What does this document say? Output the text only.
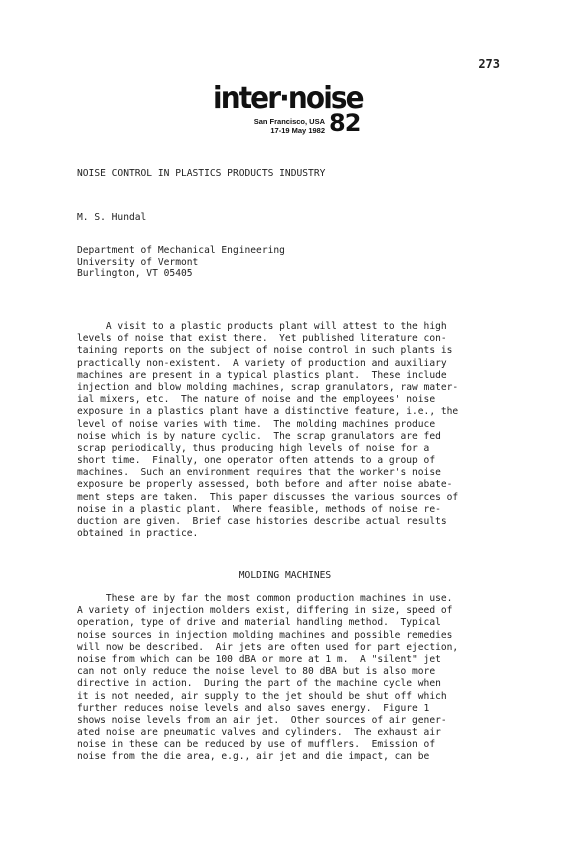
273
inter·noise
San Francisco, USA
17-19 May 1982 82
NOISE CONTROL IN PLASTICS PRODUCTS INDUSTRY
M. S. Hundal
Department of Mechanical Engineering
University of Vermont
Burlington, VT 05405
A visit to a plastic products plant will attest to the high
levels of noise that exist there.  Yet published literature con-
taining reports on the subject of noise control in such plants is
practically non-existent.  A variety of production and auxiliary
machines are present in a typical plastics plant.  These include
injection and blow molding machines, scrap granulators, raw mater-
ial mixers, etc.  The nature of noise and the employees' noise
exposure in a plastics plant have a distinctive feature, i.e., the
level of noise varies with time.  The molding machines produce
noise which is by nature cyclic.  The scrap granulators are fed
scrap periodically, thus producing high levels of noise for a
short time.  Finally, one operator often attends to a group of
machines.  Such an environment requires that the worker's noise
exposure be properly assessed, both before and after noise abate-
ment steps are taken.  This paper discusses the various sources of
noise in a plastic plant.  Where feasible, methods of noise re-
duction are given.  Brief case histories describe actual results
obtained in practice.
MOLDING MACHINES
These are by far the most common production machines in use.
A variety of injection molders exist, differing in size, speed of
operation, type of drive and material handling method.  Typical
noise sources in injection molding machines and possible remedies
will now be described.  Air jets are often used for part ejection,
noise from which can be 100 dBA or more at 1 m.  A "silent" jet
can not only reduce the noise level to 80 dBA but is also more
directive in action.  During the part of the machine cycle when
it is not needed, air supply to the jet should be shut off which
further reduces noise levels and also saves energy.  Figure 1
shows noise levels from an air jet.  Other sources of air gener-
ated noise are pneumatic valves and cylinders.  The exhaust air
noise in these can be reduced by use of mufflers.  Emission of
noise from the die area, e.g., air jet and die impact, can be
